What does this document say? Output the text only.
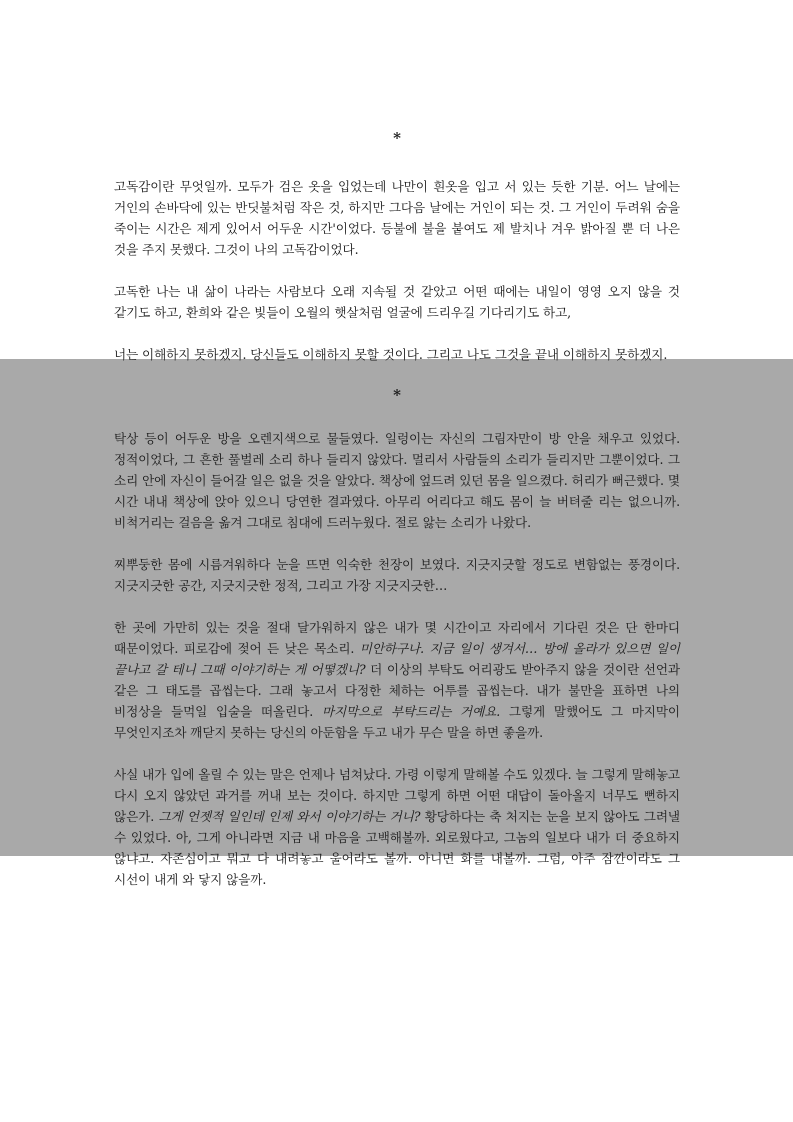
*

고독감이란 무엇일까. 모두가 검은 옷을 입었는데 나만이 흰옷을 입고 서 있는 듯한 기분. 어느 날에는 거인의 손바닥에 있는 반딧불처럼 작은 것, 하지만 그다음 날에는 거인이 되는 것. 그 거인이 두려워 숨을 죽이는 시간은 제게 있어서 어두운 시간'이었다. 등불에 불을 붙여도 제 발치나 겨우 밝아질 뿐 더 나은 것을 주지 못했다. 그것이 나의 고독감이었다.

고독한 나는 내 삶이 나라는 사람보다 오래 지속될 것 같았고 어떤 때에는 내일이 영영 오지 않을 것 같기도 하고, 환희와 같은 빛들이 오월의 햇살처럼 얼굴에 드리우길 기다리기도 하고,

너는 이해하지 못하겠지. 당신들도 이해하지 못할 것이다. 그리고 나도 그것을 끝내 이해하지 못하겠지.

*

탁상 등이 어두운 방을 오렌지색으로 물들였다. 일렁이는 자신의 그림자만이 방 안을 채우고 있었다. 정적이었다, 그 흔한 풀벌레 소리 하나 들리지 않았다. 멀리서 사람들의 소리가 들리지만 그뿐이었다. 그 소리 안에 자신이 들어갈 일은 없을 것을 알았다. 책상에 엎드려 있던 몸을 일으켰다. 허리가 뻐근했다. 몇 시간 내내 책상에 앉아 있으니 당연한 결과였다. 아무리 어리다고 해도 몸이 늘 버텨줄 리는 없으니까. 비척거리는 걸음을 옮겨 그대로 침대에 드러누웠다. 절로 앓는 소리가 나왔다.

찌뿌둥한 몸에 시름겨워하다 눈을 뜨면 익숙한 천장이 보였다. 지긋지긋할 정도로 변함없는 풍경이다. 지긋지긋한 공간, 지긋지긋한 정적, 그리고 가장 지긋지긋한…

한 곳에 가만히 있는 것을 절대 달가워하지 않은 내가 몇 시간이고 자리에서 기다린 것은 단 한마디 때문이었다. 피로감에 젖어 든 낮은 목소리. 미안하구나. 지금 일이 생겨서… 방에 올라가 있으면 일이 끝나고 갈 테니 그때 이야기하는 게 어떻겠니? 더 이상의 부탁도 어리광도 받아주지 않을 것이란 선언과 같은 그 태도를 곱씹는다. 그래 놓고서 다정한 체하는 어투를 곱씹는다. 내가 불만을 표하면 나의 비정상을 들먹일 입술을 떠올린다. 마지막으로 부탁드리는 거예요. 그렇게 말했어도 그 마지막이 무엇인지조차 깨닫지 못하는 당신의 아둔함을 두고 내가 무슨 말을 하면 좋을까.

사실 내가 입에 올릴 수 있는 말은 언제나 넘쳐났다. 가령 이렇게 말해볼 수도 있겠다. 늘 그렇게 말해놓고 다시 오지 않았던 과거를 꺼내 보는 것이다. 하지만 그렇게 하면 어떤 대답이 돌아올지 너무도 뻔하지 않은가. 그게 언젯적 일인데 인제 와서 이야기하는 거니? 황당하다는 축 처지는 눈을 보지 않아도 그려낼 수 있었다. 아, 그게 아니라면 지금 내 마음을 고백해볼까. 외로웠다고, 그놈의 일보다 내가 더 중요하지 않냐고. 자존심이고 뭐고 다 내려놓고 울어라도 볼까. 아니면 화를 내볼까. 그럼, 아주 잠깐이라도 그 시선이 내게 와 닿지 않을까.
